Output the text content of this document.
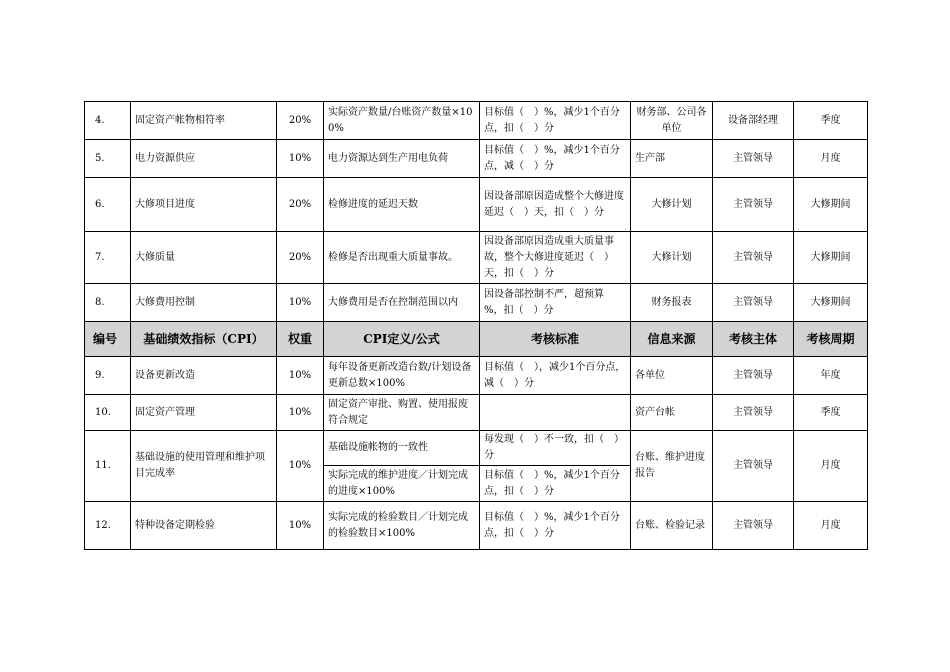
4.	固定资产帐物相符率	20%	实际资产数量/台账资产数量×100%	目标值（　）%，减少1个百分点，扣（　）分	财务部、公司各单位	设备部经理	季度
5.	电力资源供应	10%	电力资源达到生产用电负荷	目标值（　）%，减少1个百分点，减（　）分	生产部	主管领导	月度
6.	大修项目进度	20%	检修进度的延迟天数	因设备部原因造成整个大修进度延迟（　）天，扣（　）分	大修计划	主管领导	大修期间
7.	大修质量	20%	检修是否出现重大质量事故。	因设备部原因造成重大质量事故，整个大修进度延迟（　）天，扣（　）分	大修计划	主管领导	大修期间
8.	大修费用控制	10%	大修费用是否在控制范围以内	因设备部控制不严，超预算　%，扣（　）分	财务报表	主管领导	大修期间
编号	基础绩效指标（CPI）	权重	CPI定义/公式	考核标准	信息来源	考核主体	考核周期
9.	设备更新改造	10%	每年设备更新改造台数/计划设备更新总数×100%	目标值（　），减少1个百分点，减（　）分	各单位	主管领导	年度
10.	固定资产管理	10%	固定资产审批、购置、使用报废符合规定		资产台帐	主管领导	季度
11.	基础设施的使用管理和维护项目完成率	10%	基础设施帐物的一致性	每发现（　）不一致，扣（　）分	台账、维护进度报告	主管领导	月度
			实际完成的维护进度／计划完成的进度×100%	目标值（　）%，减少1个百分点，扣（　）分			
12.	特种设备定期检验	10%	实际完成的检验数目／计划完成的检验数目×100%	目标值（　）%，减少1个百分点，扣（　）分	台账、检验记录	主管领导	月度
